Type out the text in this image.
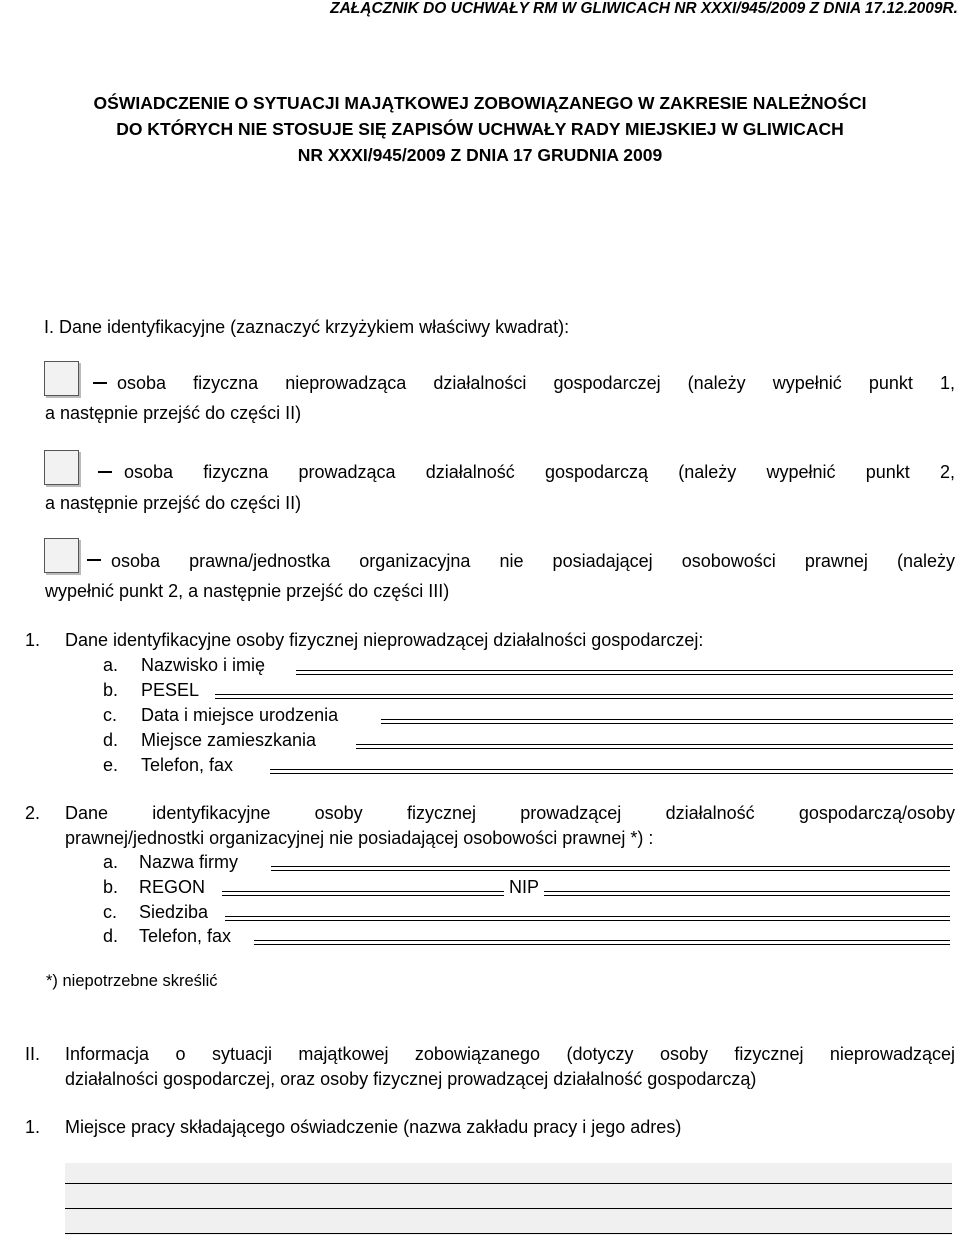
ZAŁĄCZNIK DO UCHWAŁY RM W GLIWICACH NR XXXI/945/2009 Z DNIA 17.12.2009R.
OŚWIADCZENIE O SYTUACJI MAJĄTKOWEJ ZOBOWIĄZANEGO W ZAKRESIE NALEŻNOŚCI
DO KTÓRYCH NIE STOSUJE SIĘ ZAPISÓW UCHWAŁY RADY MIEJSKIEJ W GLIWICACH
NR XXXI/945/2009 Z DNIA 17 GRUDNIA 2009
I. Dane identyfikacyjne (zaznaczyć krzyżykiem właściwy kwadrat):
osoba fizyczna nieprowadząca działalności gospodarczej (należy wypełnić punkt 1,
a następnie przejść do części II)
osoba fizyczna prowadząca działalność gospodarczą (należy wypełnić punkt 2,
a następnie przejść do części II)
osoba prawna/jednostka organizacyjna nie posiadającej osobowości prawnej (należy
wypełnić punkt 2, a następnie przejść do części III)
1. Dane identyfikacyjne osoby fizycznej nieprowadzącej działalności gospodarczej:
a. Nazwisko i imię
b. PESEL
c. Data i miejsce urodzenia
d. Miejsce zamieszkania
e. Telefon, fax
2. Dane identyfikacyjne osoby fizycznej prowadzącej działalność gospodarczą/osoby
prawnej/jednostki organizacyjnej nie posiadającej osobowości prawnej *) :
a. Nazwa firmy
b. REGON	NIP
c. Siedziba
d. Telefon, fax
*) niepotrzebne skreślić
II. Informacja o sytuacji majątkowej zobowiązanego (dotyczy osoby fizycznej nieprowadzącej
działalności gospodarczej, oraz osoby fizycznej prowadzącej działalność gospodarczą)
1. Miejsce pracy składającego oświadczenie (nazwa zakładu pracy i jego adres)
